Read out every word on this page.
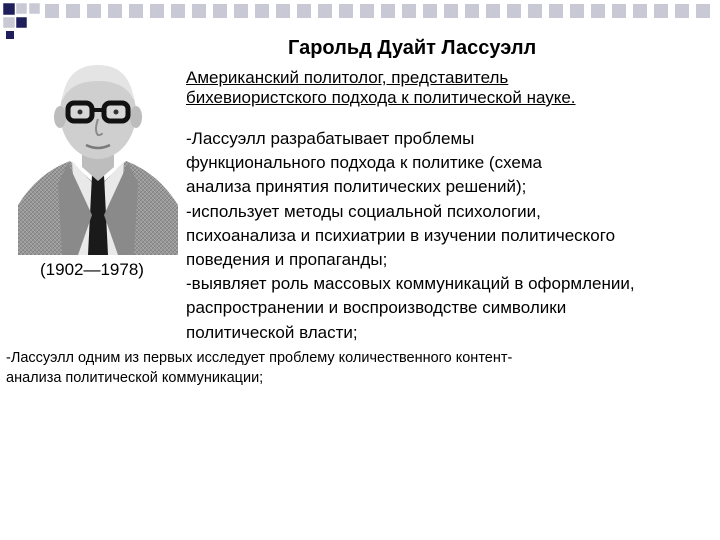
Гарольд Дуайт Лассуэлл
(1902—1978)
Американский политолог, представитель
бихевиористского подхода к политической науке.
-Лассуэлл разрабатывает проблемы
функционального подхода к политике (схема
анализа принятия политических решений);
-использует методы социальной психологии,
психоанализа и психиатрии в изучении политического
поведения и пропаганды;
-выявляет роль массовых коммуникаций в оформлении,
распространении и воспроизводстве символики
политической власти;
-Лассуэлл одним из первых исследует проблему количественного контент-
анализа политической коммуникации;
